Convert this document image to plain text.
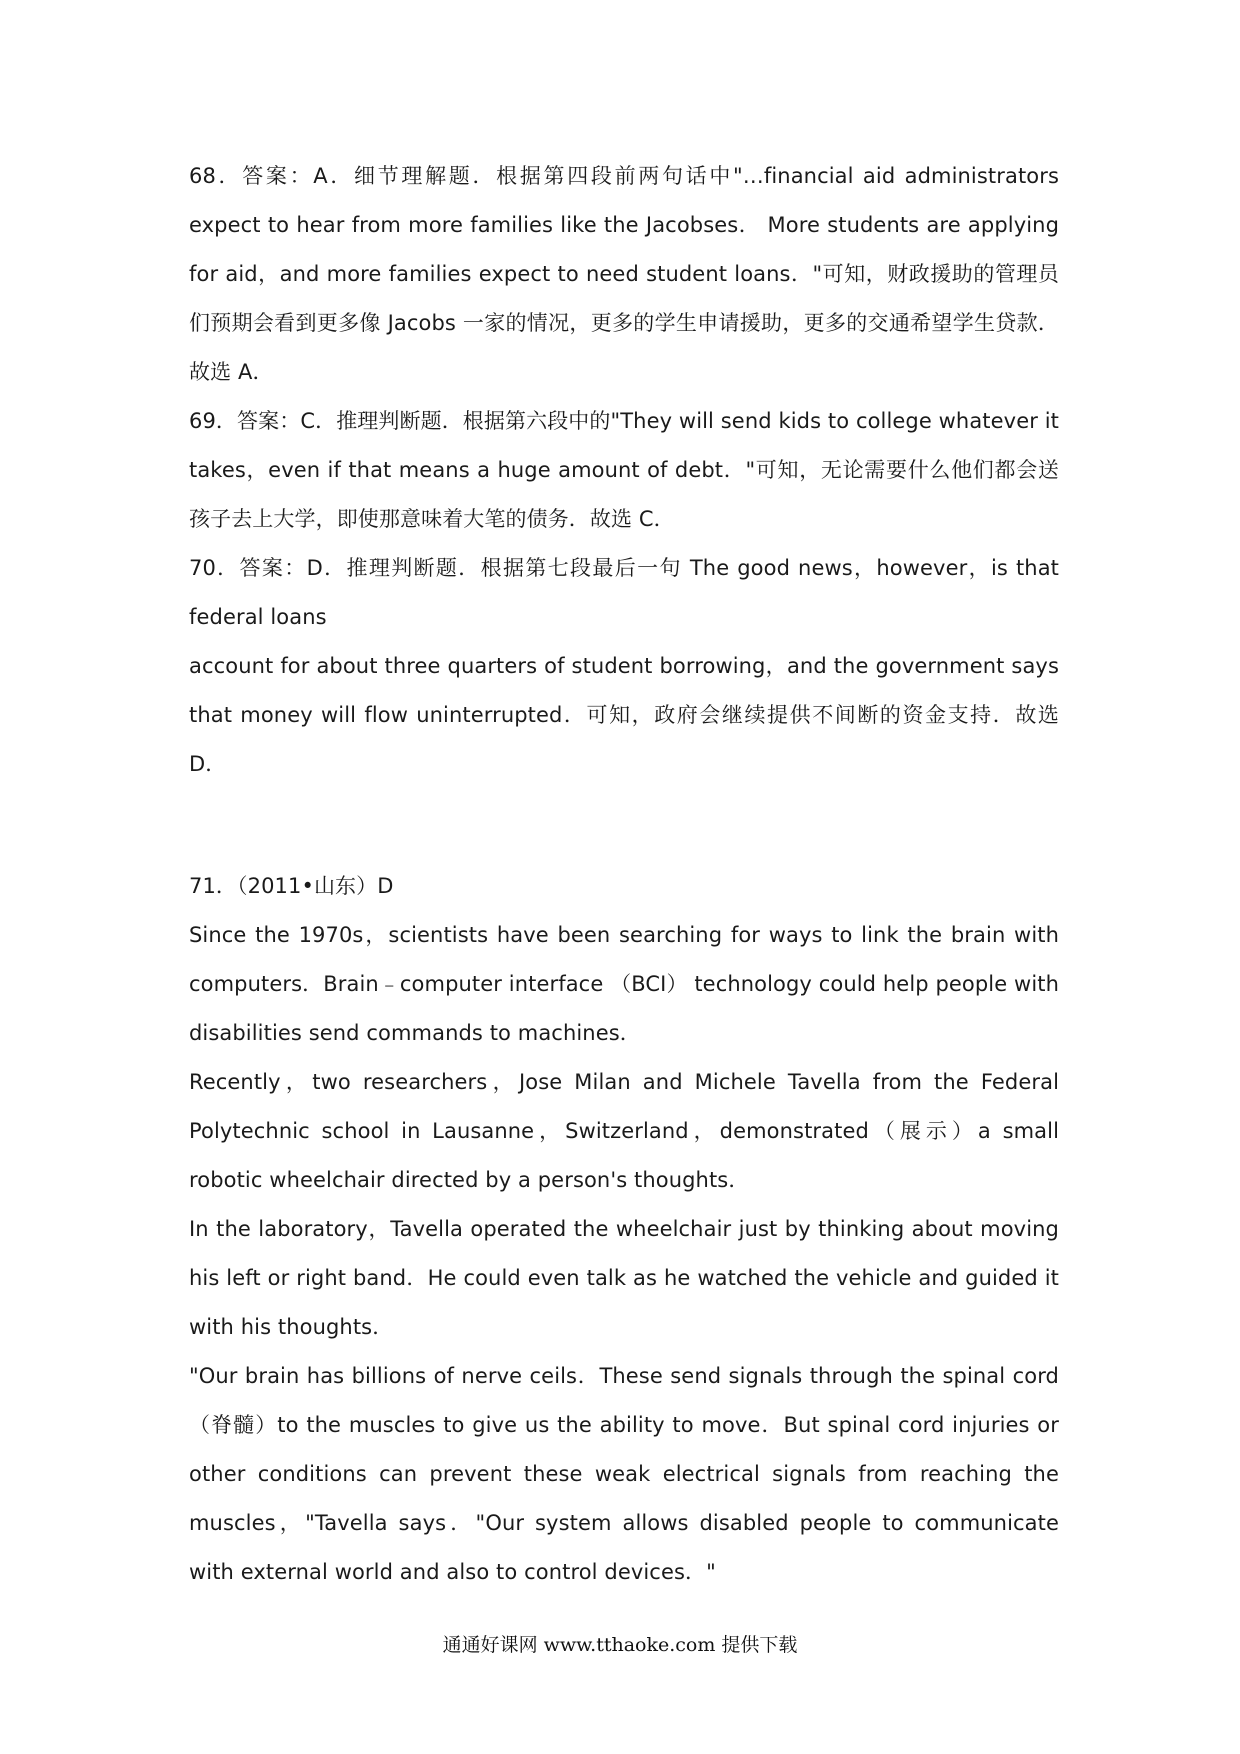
68．答案：A．细节理解题．根据第四段前两句话中"…financial aid administrators expect to hear from more families like the Jacobses． More students are applying for aid，and more families expect to need student loans．"可知，财政援助的管理员们预期会看到更多像 Jacobs 一家的情况，更多的学生申请援助，更多的交通希望学生贷款．故选 A．

69．答案：C．推理判断题．根据第六段中的"They will send kids to college whatever it takes，even if that means a huge amount of debt．"可知，无论需要什么他们都会送孩子去上大学，即使那意味着大笔的债务．故选 C．

70．答案：D．推理判断题．根据第七段最后一句 The good news，however，is that federal loans

account for about three quarters of student borrowing，and the government says that money will flow uninterrupted．可知，政府会继续提供不间断的资金支持．故选 D．

71．（2011•山东）D

Since the 1970s，scientists have been searching for ways to link the brain with computers．Brain﹣computer interface （BCI） technology could help people with disabilities send commands to machines．

Recently，two researchers，Jose Milan and Michele Tavella from the Federal Polytechnic school in Lausanne，Switzerland，demonstrated（展示）a small robotic wheelchair directed by a person's thoughts．

In the laboratory，Tavella operated the wheelchair just by thinking about moving his left or right band．He could even talk as he watched the vehicle and guided it with his thoughts．

"Our brain has billions of nerve ceils．These send signals through the spinal cord （脊髓）to the muscles to give us the ability to move．But spinal cord injuries or other conditions can prevent these weak electrical signals from reaching the muscles，"Tavella says．"Our system allows disabled people to communicate with external world and also to control devices．"

通通好课网 www.tthaoke.com 提供下载
